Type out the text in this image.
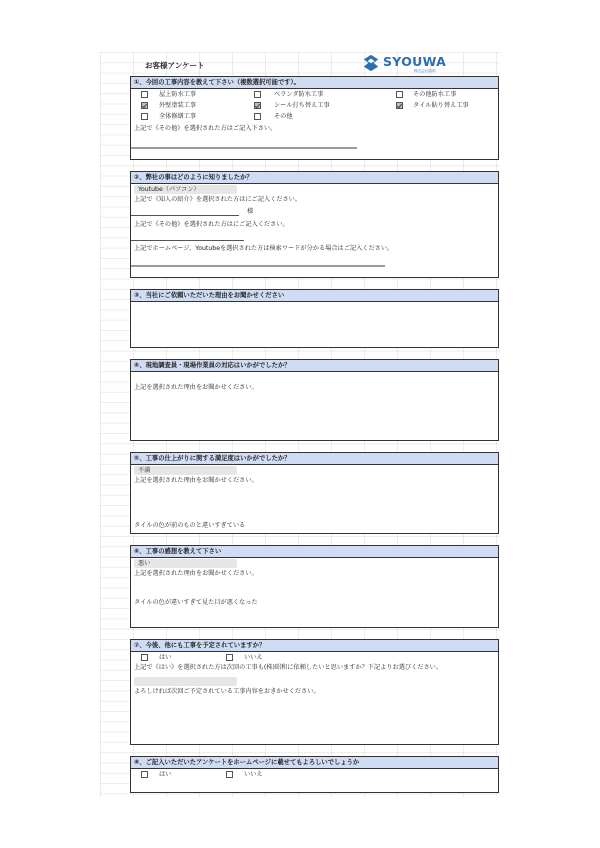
お客様アンケート	SYOUWA
株式会社昭和
①、今回の工事内容を教えて下さい（複数選択可能です）。
屋上防水工事	ベランダ防水工事	その他防水工事
外壁塗装工事	シール打ち替え工事	タイル貼り替え工事
全体修繕工事	その他
上記で《その他》を選択された方はご記入下さい。
②、弊社の事はどのように知りましたか？
Youtube（パソコン）
上記で《知人の紹介》を選択された方はにご記入ください。
様
上記で《その他》を選択された方はにご記入ください。
上記でホームページ、Youtubeを選択された方は検索ワードが分かる場合はご記入ください。
③、当社にご依頼いただいた理由をお聞かせください
④、現地調査員・現場作業員の対応はいかがでしたか？
上記を選択された理由をお聞かせください。
⑤、工事の仕上がりに関する満足度はいかがでしたか？
不満
上記を選択された理由をお聞かせください。
タイルの色が前のものと違いすぎている
⑥、工事の感想を教えて下さい
悪い
上記を選択された理由をお聞かせください。
タイルの色が違いすぎて見た目が悪くなった
⑦、今後、他にも工事を予定されていますか？
はい	いいえ
上記で《はい》を選択された方は次回の工事も(株)昭和に依頼したいと思いますか？下記よりお選びください。
よろしければ次回ご予定されている工事内容をおきかせください。
⑧、ご記入いただいたアンケートをホームページに載せてもよろしいでしょうか
はい	いいえ
